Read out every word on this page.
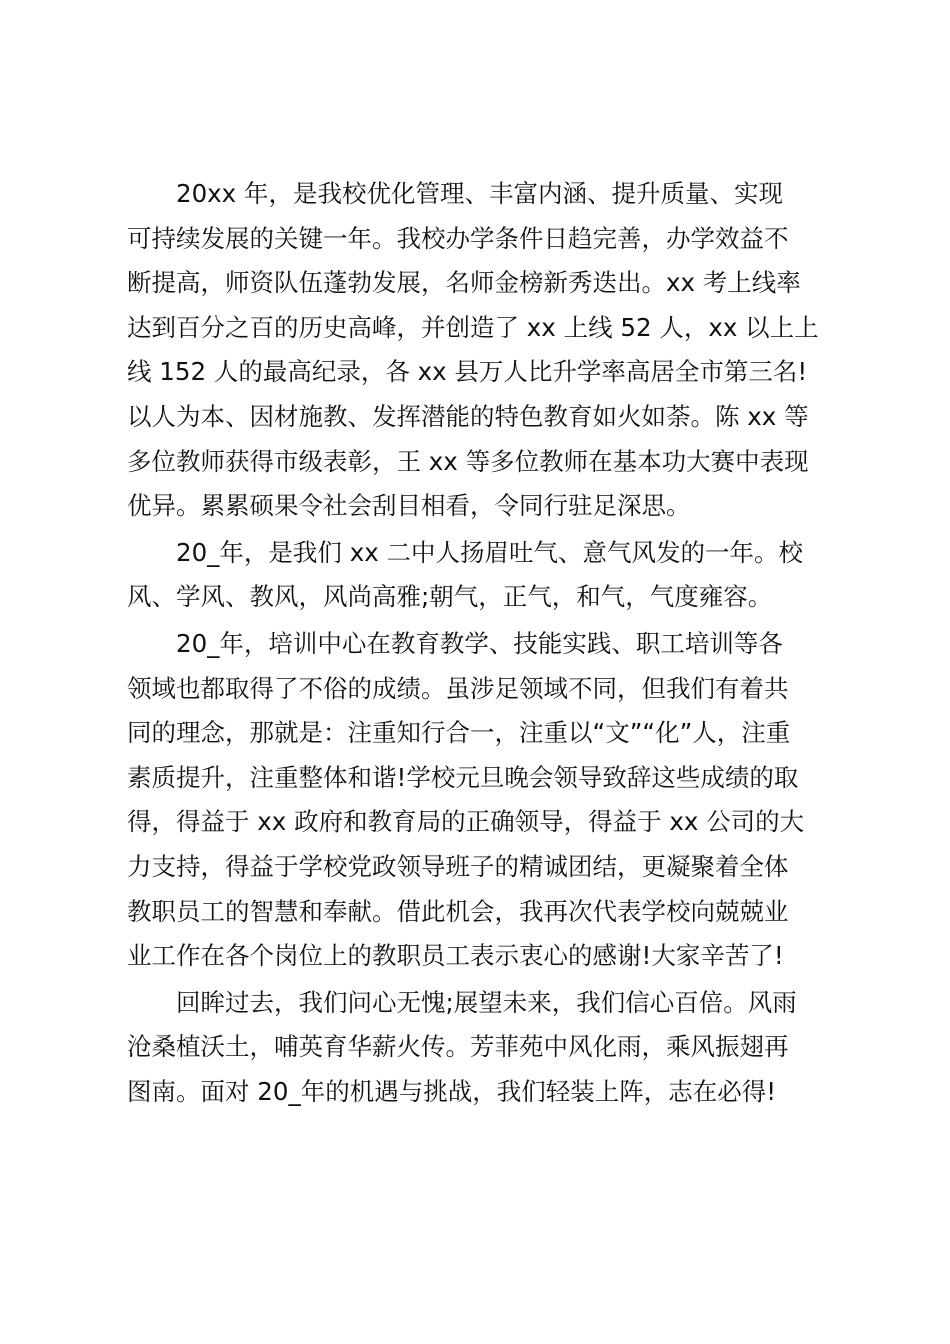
20xx 年，是我校优化管理、丰富内涵、提升质量、实现
可持续发展的关键一年。我校办学条件日趋完善，办学效益不
断提高，师资队伍蓬勃发展，名师金榜新秀迭出。xx 考上线率
达到百分之百的历史高峰，并创造了 xx 上线 52 人，xx 以上上
线 152 人的最高纪录，各 xx 县万人比升学率高居全市第三名!
以人为本、因材施教、发挥潜能的特色教育如火如荼。陈 xx 等
多位教师获得市级表彰，王 xx 等多位教师在基本功大赛中表现
优异。累累硕果令社会刮目相看，令同行驻足深思。

20_年，是我们 xx 二中人扬眉吐气、意气风发的一年。校
风、学风、教风，风尚高雅;朝气，正气，和气，气度雍容。

20_年，培训中心在教育教学、技能实践、职工培训等各
领域也都取得了不俗的成绩。虽涉足领域不同，但我们有着共
同的理念，那就是：注重知行合一，注重以“文”“化”人，注重
素质提升，注重整体和谐!学校元旦晚会领导致辞这些成绩的取
得，得益于 xx 政府和教育局的正确领导，得益于 xx 公司的大
力支持，得益于学校党政领导班子的精诚团结，更凝聚着全体
教职员工的智慧和奉献。借此机会，我再次代表学校向兢兢业
业工作在各个岗位上的教职员工表示衷心的感谢!大家辛苦了!

回眸过去，我们问心无愧;展望未来，我们信心百倍。风雨
沧桑植沃土，哺英育华薪火传。芳菲苑中风化雨，乘风振翅再
图南。面对 20_年的机遇与挑战，我们轻装上阵，志在必得!
